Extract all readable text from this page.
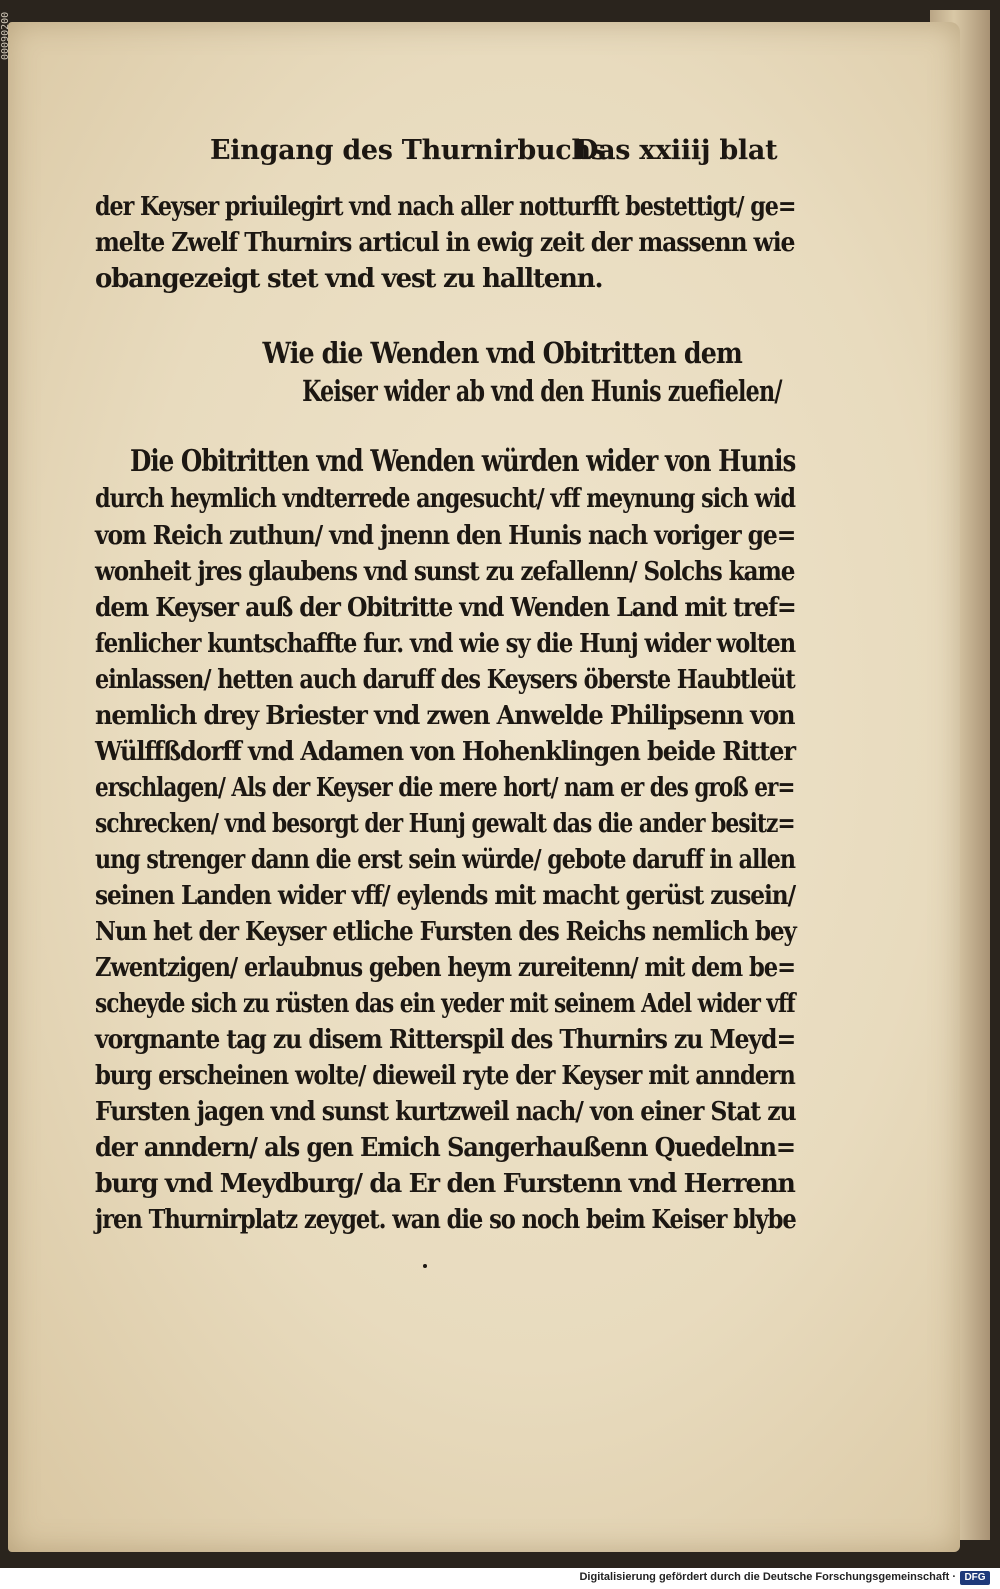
00090200
Eingang des Thurnirbuchs
Das xxiiij blat
der Keyser priuilegirt vnd nach aller notturfft bestettigt/ ge=
melte Zwelf Thurnirs articul in ewig zeit der massenn wie
obangezeigt stet vnd vest zu halltenn.
Wie die Wenden vnd Obitritten dem
Keiser wider ab vnd den Hunis zuefielen/
Die Obitritten vnd Wenden würden wider von Hunis
durch heymlich vndterrede angesucht/ vff meynung sich wid
vom Reich zuthun/ vnd jnenn den Hunis nach voriger ge=
wonheit jres glaubens vnd sunst zu zefallenn/ Solchs kame
dem Keyser auß der Obitritte vnd Wenden Land mit tref=
fenlicher kuntschaffte fur. vnd wie sy die Hunj wider wolten
einlassen/ hetten auch daruff des Keysers öberste Haubtleüt
nemlich drey Briester vnd zwen Anwelde Philipsenn von
Wülffßdorff vnd Adamen von Hohenklingen beide Ritter
erschlagen/ Als der Keyser die mere hort/ nam er des groß er=
schrecken/ vnd besorgt der Hunj gewalt das die ander besitz=
ung strenger dann die erst sein würde/ gebote daruff in allen
seinen Landen wider vff/ eylends mit macht gerüst zusein/
Nun het der Keyser etliche Fursten des Reichs nemlich bey
Zwentzigen/ erlaubnus geben heym zureitenn/ mit dem be=
scheyde sich zu rüsten das ein yeder mit seinem Adel wider vff
vorgnante tag zu disem Ritterspil des Thurnirs zu Meyd=
burg erscheinen wolte/ dieweil ryte der Keyser mit anndern
Fursten jagen vnd sunst kurtzweil nach/ von einer Stat zu
der anndern/ als gen Emich Sangerhaußenn Quedelnn=
burg vnd Meydburg/ da Er den Furstenn vnd Herrenn
jren Thurnirplatz zeyget. wan die so noch beim Keiser blybe
Digitalisierung gefördert durch die Deutsche Forschungsgemeinschaft · DFG
